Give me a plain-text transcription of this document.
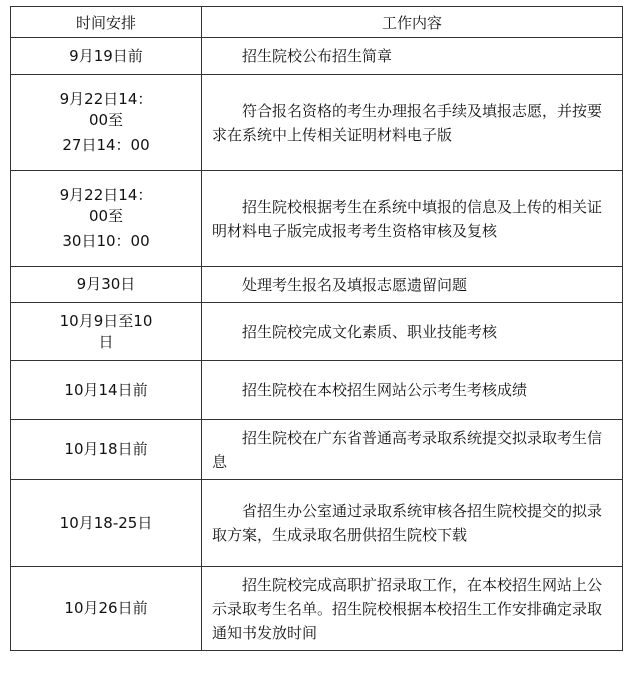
时间安排	工作内容

9月19日前	招生院校公布招生简章

9月22日14：
00至
27日14：00	符合报名资格的考生办理报名手续及填报志愿，并按要求在系统中上传相关证明材料电子版

9月22日14：
00至
30日10：00	招生院校根据考生在系统中填报的信息及上传的相关证明材料电子版完成报考考生资格审核及复核

9月30日	处理考生报名及填报志愿遗留问题

10月9日至10
日	招生院校完成文化素质、职业技能考核

10月14日前	招生院校在本校招生网站公示考生考核成绩

10月18日前	招生院校在广东省普通高考录取系统提交拟录取考生信息

10月18-25日	省招生办公室通过录取系统审核各招生院校提交的拟录取方案，生成录取名册供招生院校下载

10月26日前	招生院校完成高职扩招录取工作，在本校招生网站上公示录取考生名单。招生院校根据本校招生工作安排确定录取通知书发放时间
